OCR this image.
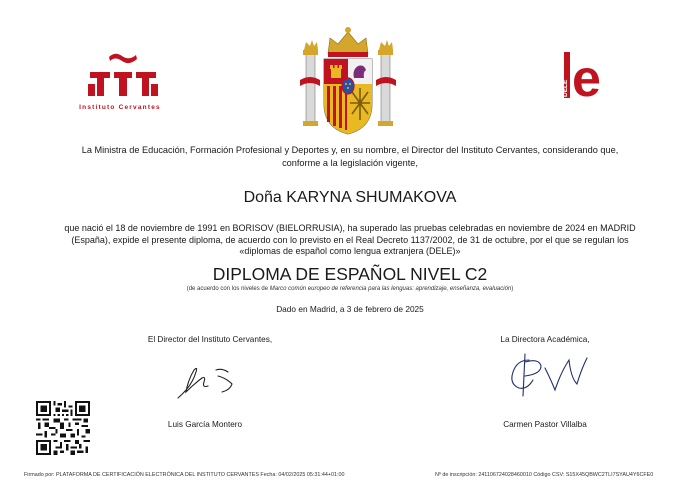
Instituto Cervantes
DELE e
La Ministra de Educación, Formación Profesional y Deportes y, en su nombre, el Director del Instituto Cervantes, considerando que, conforme a la legislación vigente,
Doña KARYNA SHUMAKOVA
que nació el 18 de noviembre de 1991 en BORISOV (BIELORRUSIA), ha superado las pruebas celebradas en noviembre de 2024 en MADRID (España), expide el presente diploma, de acuerdo con lo previsto en el Real Decreto 1137/2002, de 31 de octubre, por el que se regulan los «diplomas de español como lengua extranjera (DELE)»
DIPLOMA DE ESPAÑOL NIVEL C2
(de acuerdo con los niveles de Marco común europeo de referencia para las lenguas: aprendizaje, enseñanza, evaluación)
Dado en Madrid, a 3 de febrero de 2025
El Director del Instituto Cervantes,	La Directora Académica,
Luis García Montero	Carmen Pastor Villalba
Firmado por: PLATAFORMA DE CERTIFICACIÓN ELECTRÓNICA DEL INSTITUTO CERVANTES Fecha: 04/02/2025 05:31:44+01:00	Nº de inscripción: 241106724028460010 Código CSV: S15X45QBWC2TLI7SYAU4Y6CFE0
